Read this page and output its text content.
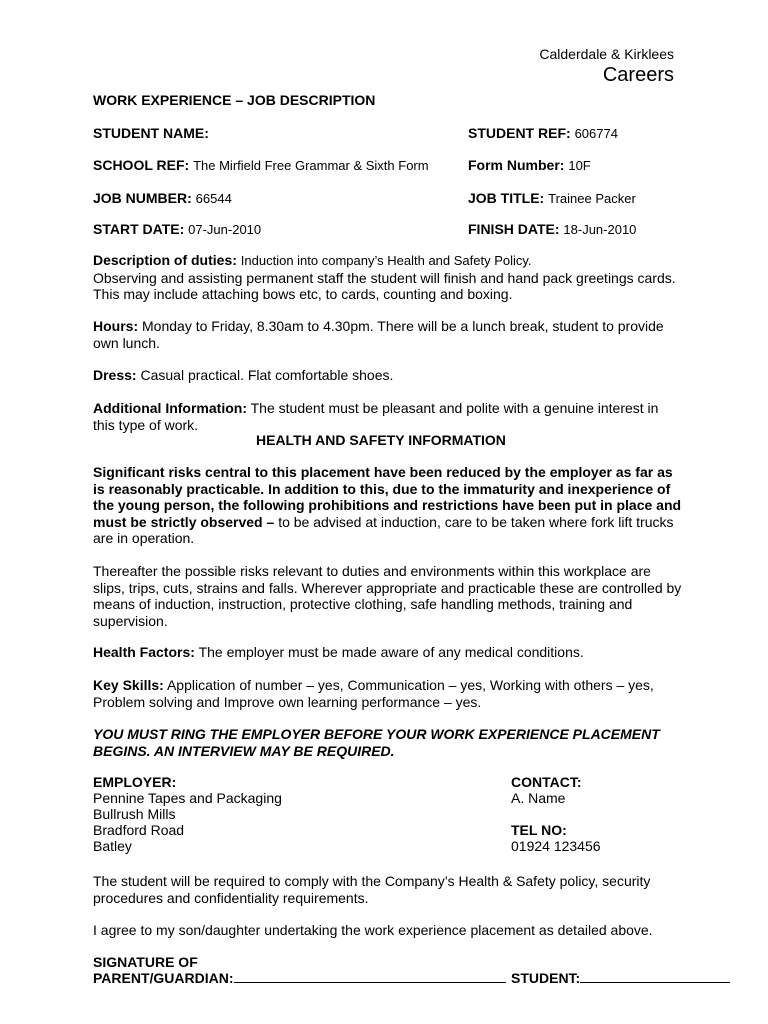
Calderdale & Kirklees
Careers
WORK EXPERIENCE – JOB DESCRIPTION
STUDENT NAME:	STUDENT REF: 606774
SCHOOL REF: The Mirfield Free Grammar & Sixth Form	Form Number: 10F
JOB NUMBER: 66544	JOB TITLE: Trainee Packer
START DATE: 07-Jun-2010	FINISH DATE: 18-Jun-2010
Description of duties: Induction into company’s Health and Safety Policy.
Observing and assisting permanent staff the student will finish and hand pack greetings cards. This may include attaching bows etc, to cards, counting and boxing.
Hours: Monday to Friday, 8.30am to 4.30pm. There will be a lunch break, student to provide own lunch.
Dress: Casual practical. Flat comfortable shoes.
Additional Information: The student must be pleasant and polite with a genuine interest in this type of work.
HEALTH AND SAFETY INFORMATION
Significant risks central to this placement have been reduced by the employer as far as is reasonably practicable. In addition to this, due to the immaturity and inexperience of the young person, the following prohibitions and restrictions have been put in place and must be strictly observed – to be advised at induction, care to be taken where fork lift trucks are in operation.
Thereafter the possible risks relevant to duties and environments within this workplace are slips, trips, cuts, strains and falls. Wherever appropriate and practicable these are controlled by means of induction, instruction, protective clothing, safe handling methods, training and supervision.
Health Factors: The employer must be made aware of any medical conditions.
Key Skills: Application of number – yes, Communication – yes, Working with others – yes, Problem solving and Improve own learning performance – yes.
YOU MUST RING THE EMPLOYER BEFORE YOUR WORK EXPERIENCE PLACEMENT BEGINS. AN INTERVIEW MAY BE REQUIRED.
EMPLOYER:
Pennine Tapes and Packaging
Bullrush Mills
Bradford Road
Batley
CONTACT:
A. Name
TEL NO:
01924 123456
The student will be required to comply with the Company’s Health & Safety policy, security procedures and confidentiality requirements.
I agree to my son/daughter undertaking the work experience placement as detailed above.
SIGNATURE OF
PARENT/GUARDIAN:	STUDENT:
